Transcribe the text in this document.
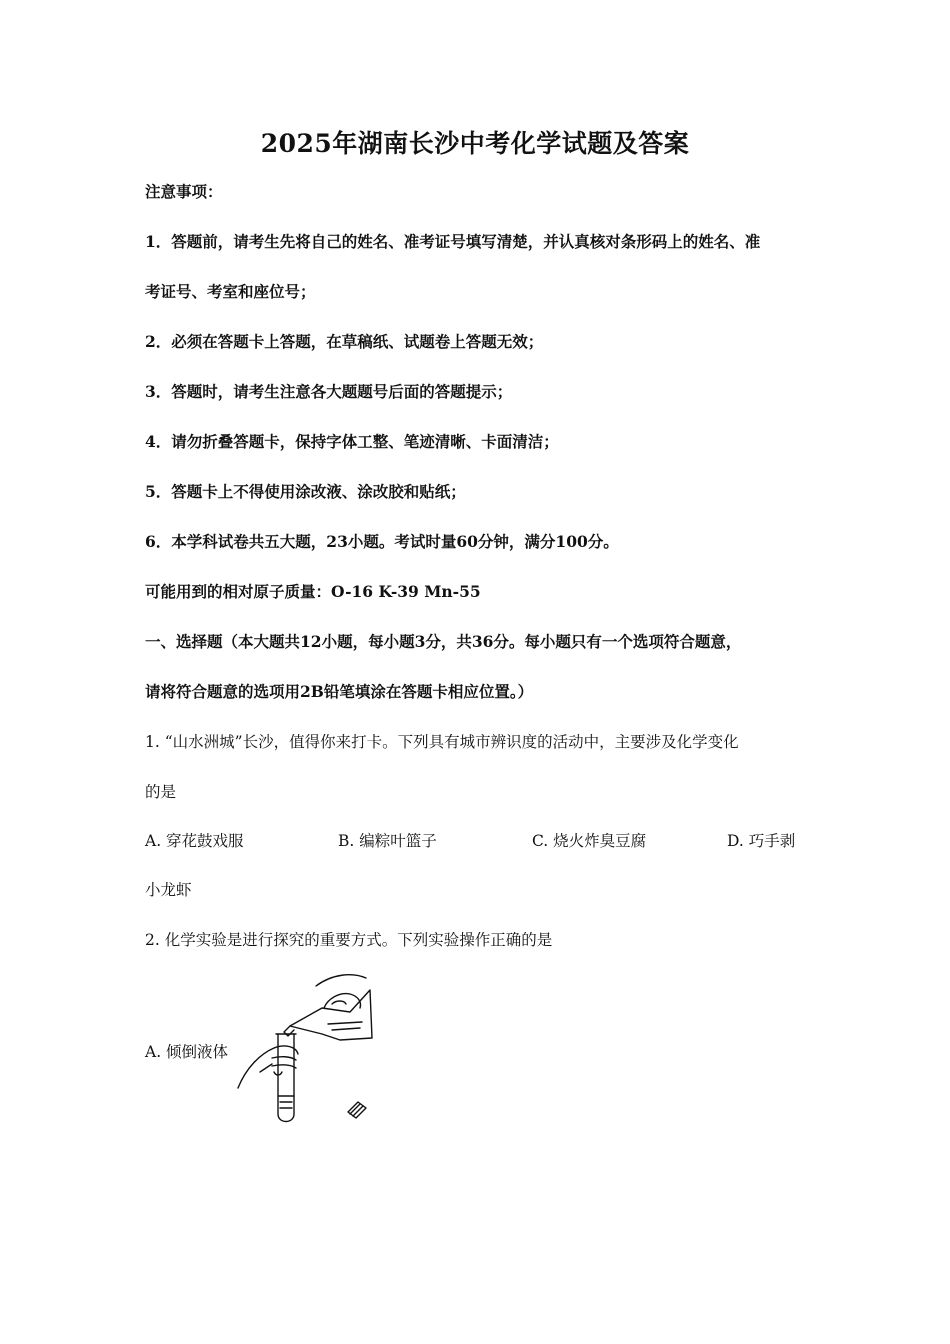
2025年湖南长沙中考化学试题及答案
注意事项：
1．答题前，请考生先将自己的姓名、准考证号填写清楚，并认真核对条形码上的姓名、准
考证号、考室和座位号；
2．必须在答题卡上答题，在草稿纸、试题卷上答题无效；
3．答题时，请考生注意各大题题号后面的答题提示；
4．请勿折叠答题卡，保持字体工整、笔迹清晰、卡面清洁；
5．答题卡上不得使用涂改液、涂改胶和贴纸；
6．本学科试卷共五大题，23小题。考试时量60分钟，满分100分。
可能用到的相对原子质量：O-16 K-39 Mn-55
一、选择题（本大题共12小题，每小题3分，共36分。每小题只有一个选项符合题意，
请将符合题意的选项用2B铅笔填涂在答题卡相应位置。）
1. “山水洲城”长沙，值得你来打卡。下列具有城市辨识度的活动中，主要涉及化学变化
的是
A. 穿花鼓戏服	B. 编粽叶篮子	C. 烧火炸臭豆腐	D. 巧手剥
小龙虾
2. 化学实验是进行探究的重要方式。下列实验操作正确的是
A. 倾倒液体
